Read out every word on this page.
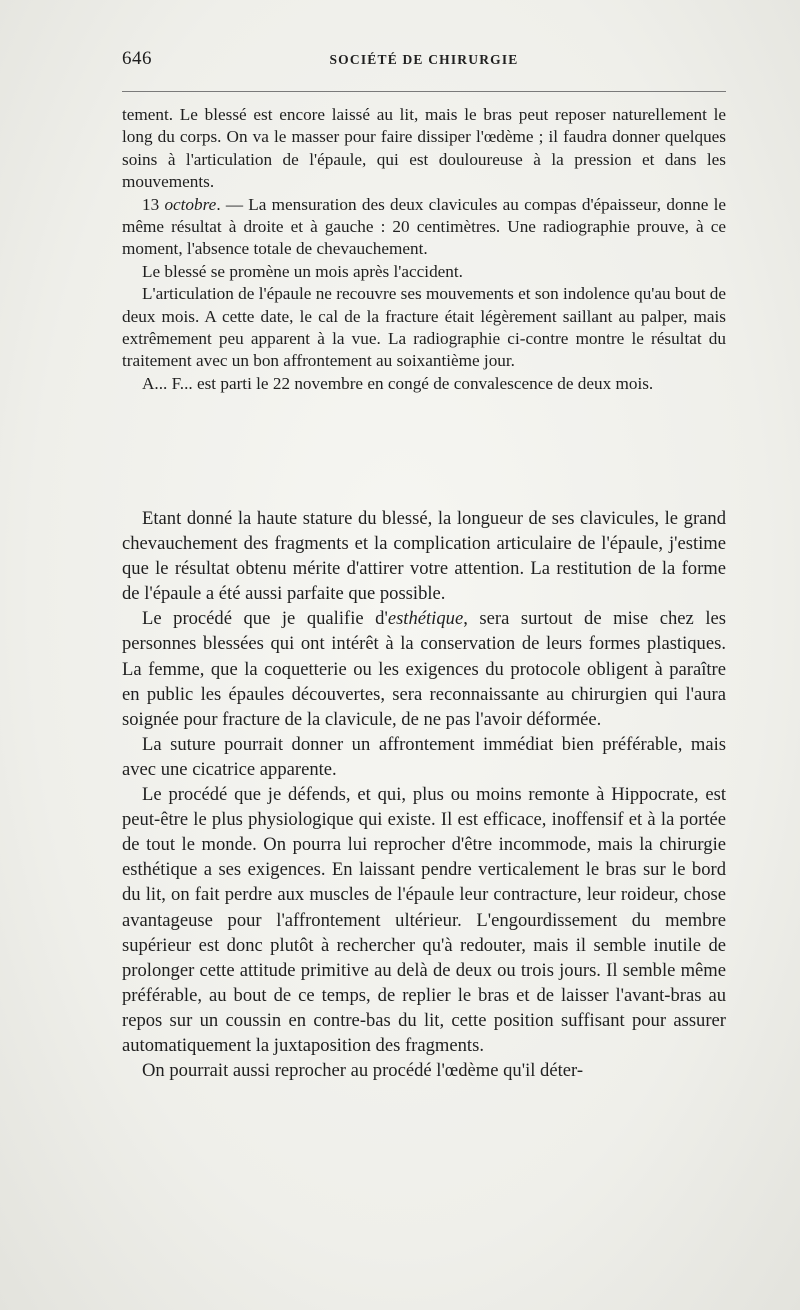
646	SOCIÉTÉ DE CHIRURGIE

tement. Le blessé est encore laissé au lit, mais le bras peut reposer naturellement le long du corps. On va le masser pour faire dissiper l'œdème ; il faudra donner quelques soins à l'articulation de l'épaule, qui est douloureuse à la pression et dans les mouvements.

13 octobre. — La mensuration des deux clavicules au compas d'épaisseur, donne le même résultat à droite et à gauche : 20 centimètres. Une radiographie prouve, à ce moment, l'absence totale de chevauchement.

Le blessé se promène un mois après l'accident.

L'articulation de l'épaule ne recouvre ses mouvements et son indolence qu'au bout de deux mois. A cette date, le cal de la fracture était légèrement saillant au palper, mais extrêmement peu apparent à la vue. La radiographie ci-contre montre le résultat du traitement avec un bon affrontement au soixantième jour.

A... F... est parti le 22 novembre en congé de convalescence de deux mois.

Etant donné la haute stature du blessé, la longueur de ses clavicules, le grand chevauchement des fragments et la complication articulaire de l'épaule, j'estime que le résultat obtenu mérite d'attirer votre attention. La restitution de la forme de l'épaule a été aussi parfaite que possible.

Le procédé que je qualifie d'esthétique, sera surtout de mise chez les personnes blessées qui ont intérêt à la conservation de leurs formes plastiques. La femme, que la coquetterie ou les exigences du protocole obligent à paraître en public les épaules découvertes, sera reconnaissante au chirurgien qui l'aura soignée pour fracture de la clavicule, de ne pas l'avoir déformée.

La suture pourrait donner un affrontement immédiat bien préférable, mais avec une cicatrice apparente.

Le procédé que je défends, et qui, plus ou moins remonte à Hippocrate, est peut-être le plus physiologique qui existe. Il est efficace, inoffensif et à la portée de tout le monde. On pourra lui reprocher d'être incommode, mais la chirurgie esthétique a ses exigences. En laissant pendre verticalement le bras sur le bord du lit, on fait perdre aux muscles de l'épaule leur contracture, leur roideur, chose avantageuse pour l'affrontement ultérieur. L'engourdissement du membre supérieur est donc plutôt à rechercher qu'à redouter, mais il semble inutile de prolonger cette attitude primitive au delà de deux ou trois jours. Il semble même préférable, au bout de ce temps, de replier le bras et de laisser l'avant-bras au repos sur un coussin en contre-bas du lit, cette position suffisant pour assurer automatiquement la juxtaposition des fragments.

On pourrait aussi reprocher au procédé l'œdème qu'il déter-
